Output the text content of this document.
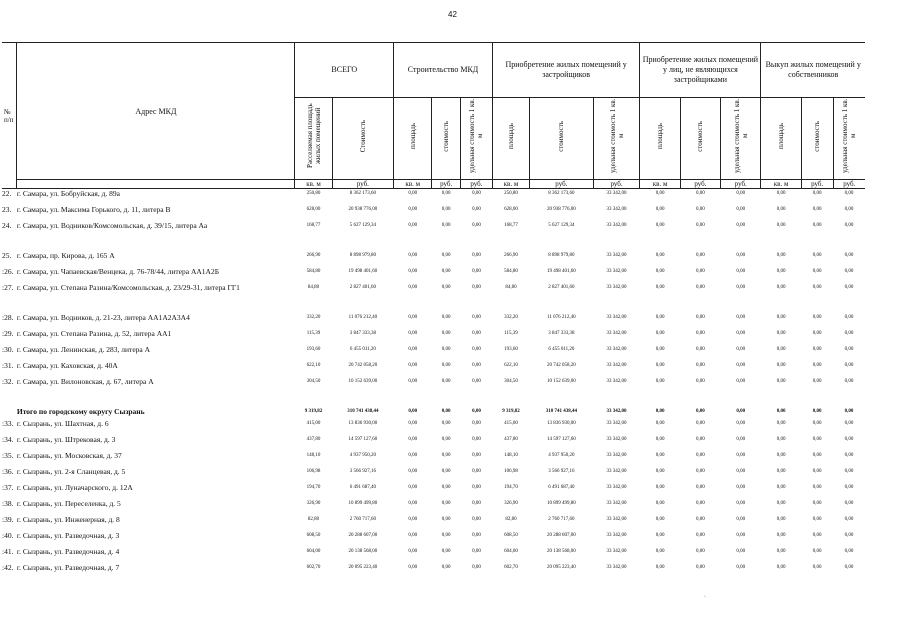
42
№ п/п	Адрес МКД	ВСЕГО		Строительство МКД			Приобретение жилых помещений у застройщиков			Приобретение жилых помещений у лиц, не являющихся застройщиками			Выкуп жилых помещений у собственников		
		Расселяемая площадь жилых помещений	Стоимость	площадь	стоимость	удельная стоимость 1 кв. м	площадь	стоимость	удельная стоимость 1 кв. м	площадь	стоимость	удельная стоимость 1 кв. м	площадь	стоимость	удельная стоимость 1 кв. м
		кв. м	руб.	кв. м	руб.	руб.	кв. м	руб.	руб.	кв. м	руб.	руб.	кв. м	руб.	руб.
22.	г. Самара, ул. Бобруйская, д. 89а	250,80	8 362 173,60	0,00	0,00	0,00	250,80	8 362 173,60	33 342,00	0,00	0,00	0,00	0,00	0,00	0,00
23.	г. Самара, ул. Максима Горького, д. 11, литера В	628,00	20 938 776,00	0,00	0,00	0,00	628,00	20 938 776,00	33 342,00	0,00	0,00	0,00	0,00	0,00	0,00
24.	г. Самара, ул. Водников/Комсомольская, д. 39/15, литера Аа	168,77	5 627 129,34	0,00	0,00	0,00	168,77	5 627 129,34	33 342,00	0,00	0,00	0,00	0,00	0,00	0,00
25.	г. Самара, пр. Кирова, д. 165 А	266,90	8 898 979,80	0,00	0,00	0,00	266,90	8 898 979,80	33 342,00	0,00	0,00	0,00	0,00	0,00	0,00
:26.	г. Самара, ул. Чапаевская/Венцека, д. 76-78/44, литера АА1А2Б	584,80	19 498 401,60	0,00	0,00	0,00	584,80	19 498 401,60	33 342,00	0,00	0,00	0,00	0,00	0,00	0,00
:27.	г. Самара, ул. Степана Разина/Комсомольская, д. 23/29-31, литера ГГ1	84,80	2 827 401,60	0,00	0,00	0,00	84,80	2 827 401,60	33 342,00	0,00	0,00	0,00	0,00	0,00	0,00
:28.	г. Самара, ул. Водников, д. 21-23, литера АА1А2А3А4	332,20	11 076 212,40	0,00	0,00	0,00	332,20	11 076 212,40	33 342,00	0,00	0,00	0,00	0,00	0,00	0,00
:29.	г. Самара, ул. Степана Разина, д. 52, литера АА1	115,39	3 847 333,38	0,00	0,00	0,00	115,39	3 847 333,38	33 342,00	0,00	0,00	0,00	0,00	0,00	0,00
:30.	г. Самара, ул. Ленинская, д. 283, литера А	193,60	6 455 011,20	0,00	0,00	0,00	193,60	6 455 011,20	33 342,00	0,00	0,00	0,00	0,00	0,00	0,00
:31.	г. Самара, ул. Каховская, д. 40А	622,10	20 742 058,20	0,00	0,00	0,00	622,10	20 742 058,20	33 342,00	0,00	0,00	0,00	0,00	0,00	0,00
:32.	г. Самара, ул. Вилоновская, д. 67, литера А	304,50	10 152 639,00	0,00	0,00	0,00	304,50	10 152 639,00	33 342,00	0,00	0,00	0,00	0,00	0,00	0,00
	Итого по городскому округу Сызрань	9 319,82	310 741 438,44	0,00	0,00	0,00	9 319,82	310 741 438,44	33 342,00	0,00	0,00	0,00	0,00	0,00	0,00
:33.	г. Сызрань, ул. Шахтная, д. 6	415,00	13 836 930,00	0,00	0,00	0,00	415,00	13 836 930,00	33 342,00	0,00	0,00	0,00	0,00	0,00	0,00
:34.	г. Сызрань, ул. Штрековая, д. 3	437,80	14 597 127,60	0,00	0,00	0,00	437,80	14 597 127,60	33 342,00	0,00	0,00	0,00	0,00	0,00	0,00
:35.	г. Сызрань, ул. Московская, д. 37	148,10	4 937 950,20	0,00	0,00	0,00	148,10	4 937 950,20	33 342,00	0,00	0,00	0,00	0,00	0,00	0,00
:36.	г. Сызрань, ул. 2-я Сланцевая, д. 5	106,98	3 566 927,16	0,00	0,00	0,00	106,98	3 566 927,16	33 342,00	0,00	0,00	0,00	0,00	0,00	0,00
:37.	г. Сызрань, ул. Луначарского, д. 12А	194,70	6 491 687,40	0,00	0,00	0,00	194,70	6 491 687,40	33 342,00	0,00	0,00	0,00	0,00	0,00	0,00
:38.	г. Сызрань, ул. Переселенка, д. 5	326,90	10 899 499,80	0,00	0,00	0,00	326,90	10 899 499,80	33 342,00	0,00	0,00	0,00	0,00	0,00	0,00
:39.	г. Сызрань, ул. Инженерная, д. 8	82,80	2 760 717,60	0,00	0,00	0,00	82,80	2 760 717,60	33 342,00	0,00	0,00	0,00	0,00	0,00	0,00
:40.	г. Сызрань, ул. Разведочная, д. 3	608,50	20 288 607,00	0,00	0,00	0,00	608,50	20 288 607,00	33 342,00	0,00	0,00	0,00	0,00	0,00	0,00
:41.	г. Сызрань, ул. Разведочная, д. 4	604,00	20 138 568,00	0,00	0,00	0,00	604,00	20 138 568,00	33 342,00	0,00	0,00	0,00	0,00	0,00	0,00
:42.	г. Сызрань, ул. Разведочная, д. 7	602,70	20 095 223,40	0,00	0,00	0,00	602,70	20 095 223,40	33 342,00	0,00	0,00	0,00	0,00	0,00	0,00
·
